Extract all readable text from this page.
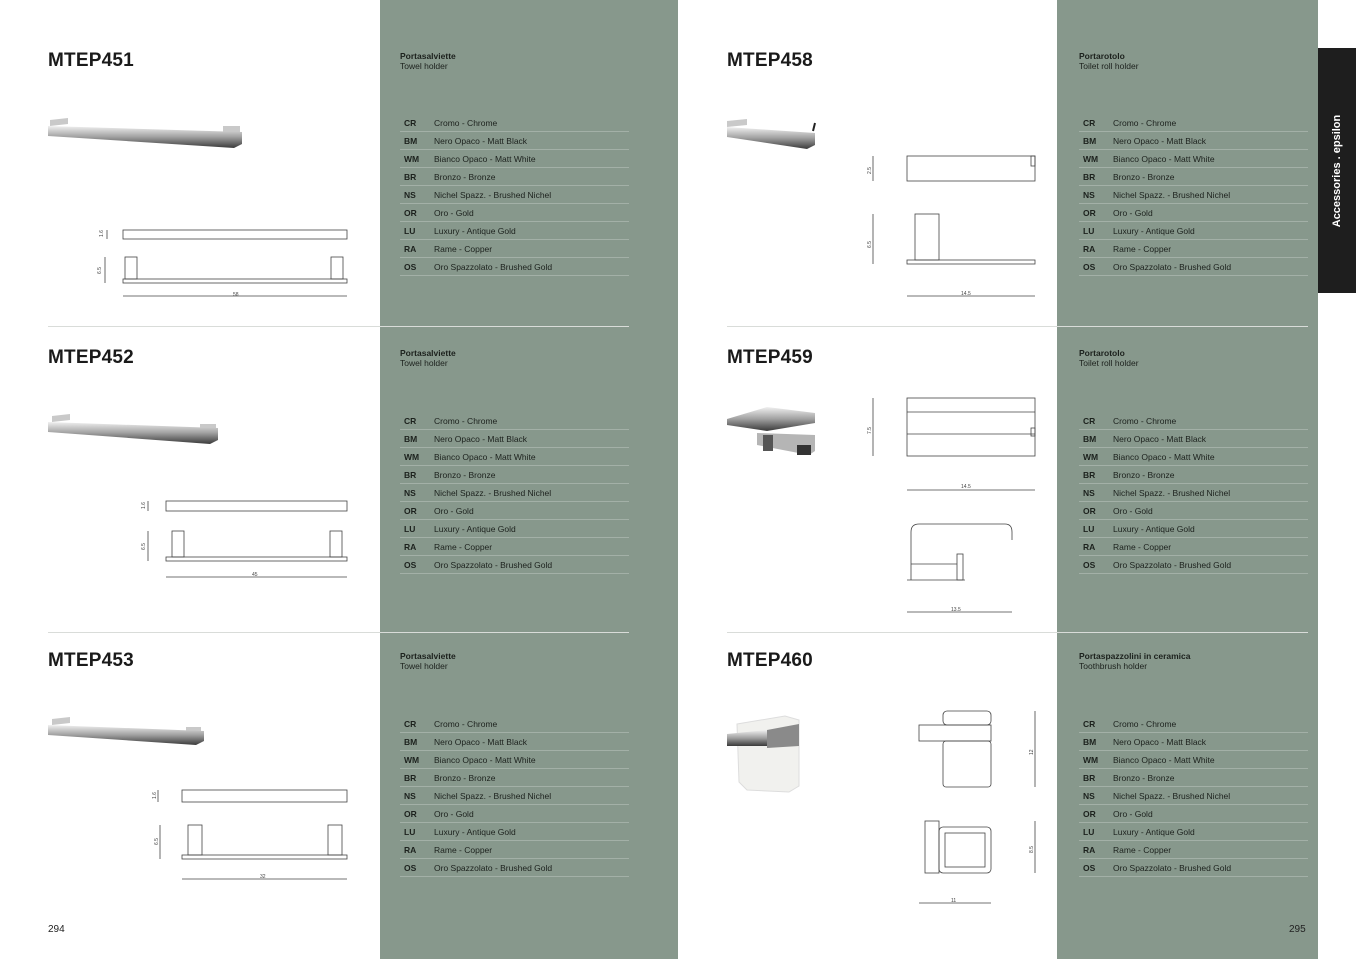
Accessories . epsilon
MTEP451	Portasalviette
Towel holder
CR	Cromo - Chrome
BM	Nero Opaco - Matt Black
WM	Bianco Opaco - Matt White
BR	Bronzo - Bronze
NS	Nichel Spazz. - Brushed Nichel
OR	Oro - Gold
LU	Luxury - Antique Gold
RA	Rame - Copper
OS	Oro Spazzolato - Brushed Gold
1.6
6.5
58
MTEP452	Portasalviette
Towel holder
CR	Cromo - Chrome
BM	Nero Opaco - Matt Black
WM	Bianco Opaco - Matt White
BR	Bronzo - Bronze
NS	Nichel Spazz. - Brushed Nichel
OR	Oro - Gold
LU	Luxury - Antique Gold
RA	Rame - Copper
OS	Oro Spazzolato - Brushed Gold
1.6
6.5
45
MTEP453	Portasalviette
Towel holder
CR	Cromo - Chrome
BM	Nero Opaco - Matt Black
WM	Bianco Opaco - Matt White
BR	Bronzo - Bronze
NS	Nichel Spazz. - Brushed Nichel
OR	Oro - Gold
LU	Luxury - Antique Gold
RA	Rame - Copper
OS	Oro Spazzolato - Brushed Gold
1.6
6.5
32
MTEP458	Portarotolo
Toilet roll holder
CR	Cromo - Chrome
BM	Nero Opaco - Matt Black
WM	Bianco Opaco - Matt White
BR	Bronzo - Bronze
NS	Nichel Spazz. - Brushed Nichel
OR	Oro - Gold
LU	Luxury - Antique Gold
RA	Rame - Copper
OS	Oro Spazzolato - Brushed Gold
2.5
6.5
14.5
MTEP459	Portarotolo
Toilet roll holder
CR	Cromo - Chrome
BM	Nero Opaco - Matt Black
WM	Bianco Opaco - Matt White
BR	Bronzo - Bronze
NS	Nichel Spazz. - Brushed Nichel
OR	Oro - Gold
LU	Luxury - Antique Gold
RA	Rame - Copper
OS	Oro Spazzolato - Brushed Gold
7.5
14.5
13.5
MTEP460	Portaspazzolini in ceramica
Toothbrush holder
CR	Cromo - Chrome
BM	Nero Opaco - Matt Black
WM	Bianco Opaco - Matt White
BR	Bronzo - Bronze
NS	Nichel Spazz. - Brushed Nichel
OR	Oro - Gold
LU	Luxury - Antique Gold
RA	Rame - Copper
OS	Oro Spazzolato - Brushed Gold
12
8.5
11
294	295
